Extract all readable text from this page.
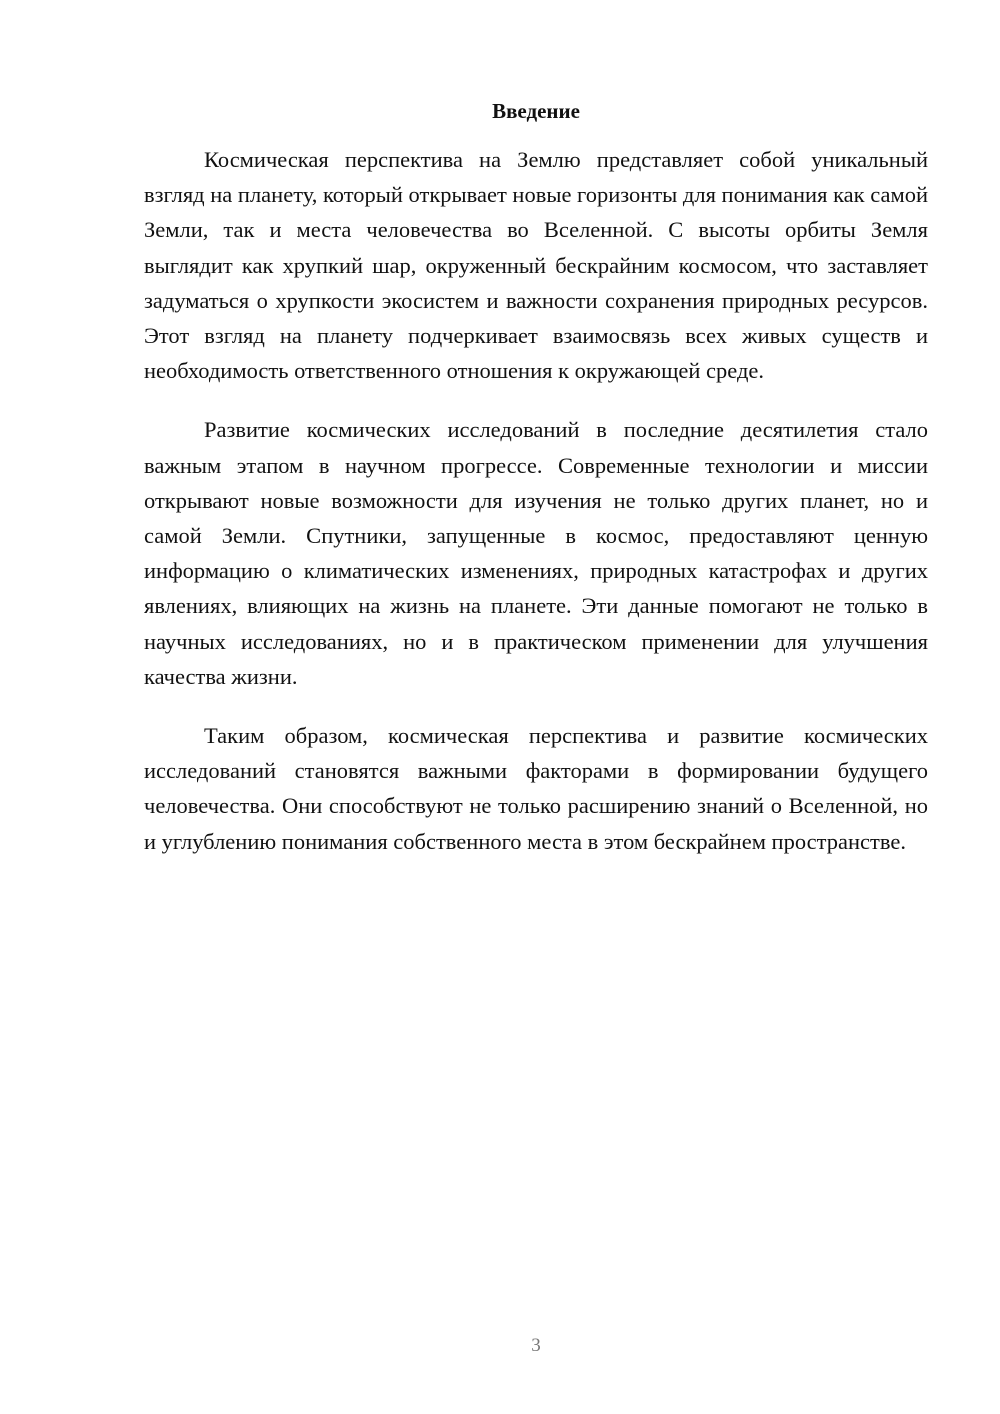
Введение

Космическая перспектива на Землю представляет собой уникальный взгляд на планету, который открывает новые горизонты для понимания как самой Земли, так и места человечества во Вселенной. С высоты орбиты Земля выглядит как хрупкий шар, окруженный бескрайним космосом, что заставляет задуматься о хрупкости экосистем и важности сохранения природных ресурсов. Этот взгляд на планету подчеркивает взаимосвязь всех живых существ и необходимость ответственного отношения к окружающей среде.

Развитие космических исследований в последние десятилетия стало важным этапом в научном прогрессе. Современные технологии и миссии открывают новые возможности для изучения не только других планет, но и самой Земли. Спутники, запущенные в космос, предоставляют ценную информацию о климатических изменениях, природных катастрофах и других явлениях, влияющих на жизнь на планете. Эти данные помогают не только в научных исследованиях, но и в практическом применении для улучшения качества жизни.

Таким образом, космическая перспектива и развитие космических исследований становятся важными факторами в формировании будущего человечества. Они способствуют не только расширению знаний о Вселенной, но и углублению понимания собственного места в этом бескрайнем пространстве.

3
